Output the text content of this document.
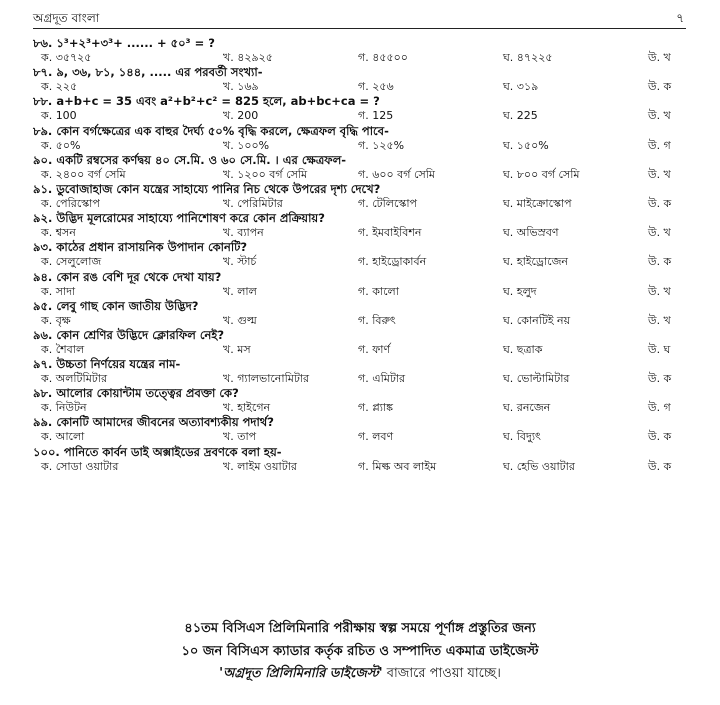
অগ্রদূত বাংলা	৭
৮৬. ১³+২³+৩³+ ...... + ৫০³ = ?
ক. ৩৫৭২৫	খ. ৪২৯২৫	গ. ৪৫৫০০	ঘ. ৪৭২২৫	উ. খ
৮৭. ৯, ৩৬, ৮১, ১৪৪, ..... এর পরবর্তী সংখ্যা-
ক. ২২৫	খ. ১৬৯	গ. ২৫৬	ঘ. ৩১৯	উ. ক
৮৮. a+b+c = 35 এবং a²+b²+c² = 825 হলে, ab+bc+ca = ?
ক. 100	খ. 200	গ. 125	ঘ. 225	উ. খ
৮৯. কোন বর্গক্ষেত্রের এক বাহুর দৈর্ঘ্য ৫০% বৃদ্ধি করলে, ক্ষেত্রফল বৃদ্ধি পাবে-
ক. ৫০%	খ. ১০০%	গ. ১২৫%	ঘ. ১৫০%	উ. গ
৯০. একটি রম্বসের কর্ণদ্বয় ৪০ সে.মি. ও ৬০ সে.মি. । এর ক্ষেত্রফল-
ক. ২৪০০ বর্গ সেমি	খ. ১২০০ বর্গ সেমি	গ. ৬০০ বর্গ সেমি	ঘ. ৮০০ বর্গ সেমি	উ. খ
৯১. ডুবোজাহাজ কোন যন্ত্রের সাহায্যে পানির নিচ থেকে উপরের দৃশ্য দেখে?
ক. পেরিস্কোপ	খ. পেরিমিটার	গ. টেলিস্কোপ	ঘ. মাইক্রোস্কোপ	উ. ক
৯২. উদ্ভিদ মূলরোমের সাহায্যে পানিশোষণ করে কোন প্রক্রিয়ায়?
ক. শ্বসন	খ. ব্যাপন	গ. ইমবাইবিশন	ঘ. অভিস্রবণ	উ. খ
৯৩. কাঠের প্রধান রাসায়নিক উপাদান কোনটি?
ক. সেলুলোজ	খ. স্টার্চ	গ. হাইড্রোকার্বন	ঘ. হাইড্রোজেন	উ. ক
৯৪. কোন রঙ বেশি দূর থেকে দেখা যায়?
ক. সাদা	খ. লাল	গ. কালো	ঘ. হলুদ	উ. খ
৯৫. লেবু গাছ কোন জাতীয় উদ্ভিদ?
ক. বৃক্ষ	খ. গুল্ম	গ. বিরুৎ	ঘ. কোনটিই নয়	উ. খ
৯৬. কোন শ্রেণির উদ্ভিদে ক্লোরফিল নেই?
ক. শৈবাল	খ. মস	গ. ফার্ণ	ঘ. ছত্রাক	উ. ঘ
৯৭. উচ্চতা নির্ণয়ের যন্ত্রের নাম-
ক. অলটিমিটার	খ. গ্যালভানোমিটার	গ. এমিটার	ঘ. ভোল্টামিটার	উ. ক
৯৮. আলোর কোয়ান্টাম তত্ত্বের প্রবক্তা কে?
ক. নিউটন	খ. হাইগেন	গ. প্ল্যাঙ্ক	ঘ. রনজেন	উ. গ
৯৯. কোনটি আমাদের জীবনের অত্যাবশ্যকীয় পদার্থ?
ক. আলো	খ. তাপ	গ. লবণ	ঘ. বিদ্যুৎ	উ. ক
১০০. পানিতে কার্বন ডাই অক্সাইডের দ্রবণকে বলা হয়-
ক. সোডা ওয়াটার	খ. লাইম ওয়াটার	গ. মিল্ক অব লাইম	ঘ. হেভি ওয়াটার	উ. ক
৪১তম বিসিএস প্রিলিমিনারি পরীক্ষায় স্বল্প সময়ে পূর্ণাঙ্গ প্রস্তুতির জন্য
১০ জন বিসিএস ক্যাডার কর্তৃক রচিত ও সম্পাদিত একমাত্র ডাইজেস্ট
'অগ্রদূত প্রিলিমিনারি ডাইজেস্ট' বাজারে পাওয়া যাচ্ছে।
